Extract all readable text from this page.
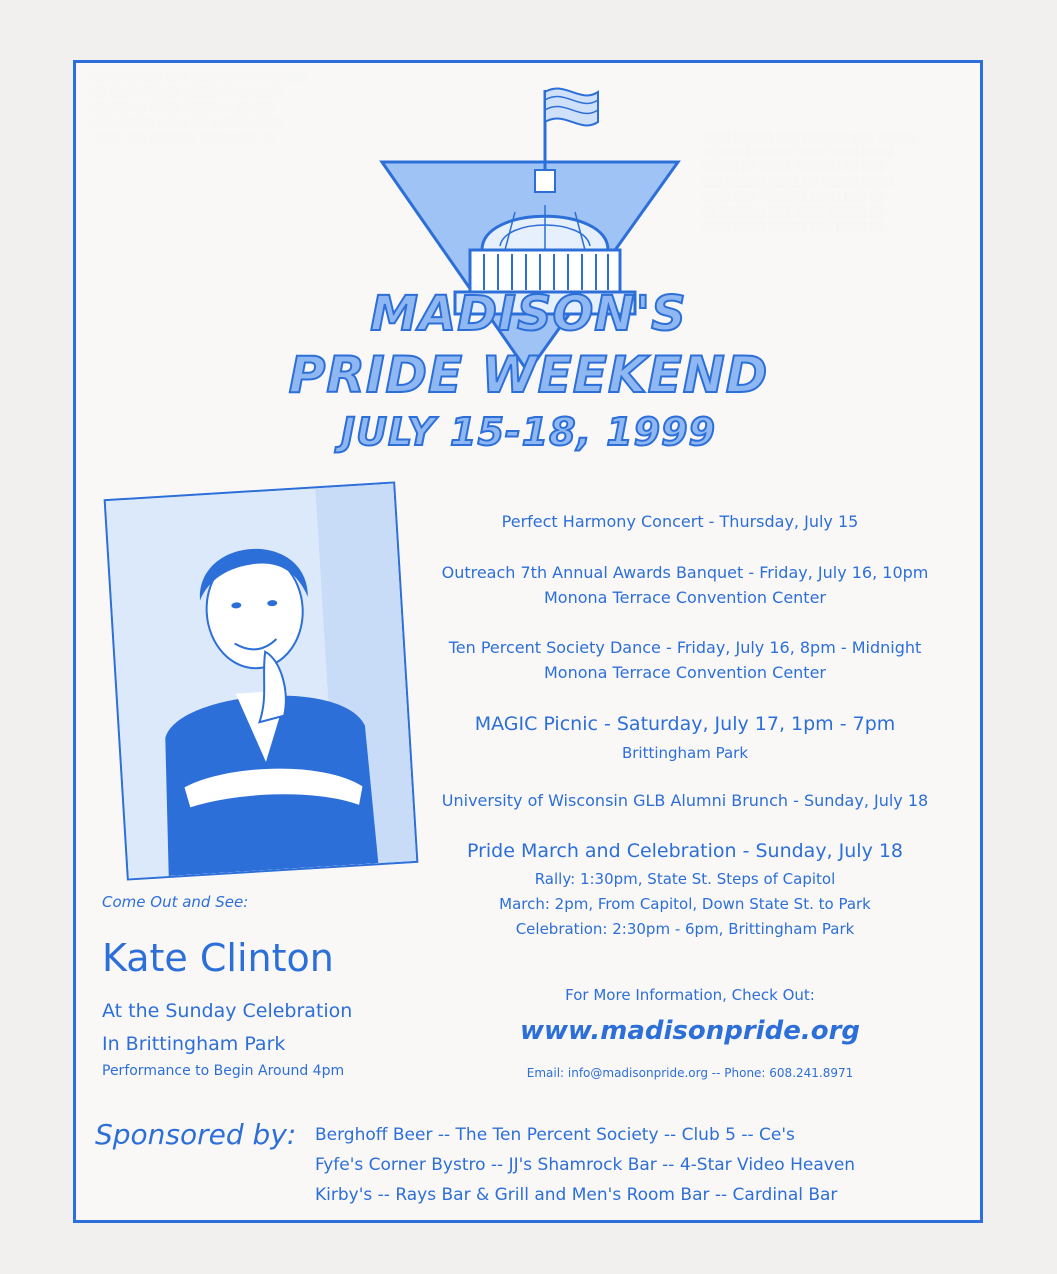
MADISON'S
PRIDE WEEKEND
JULY 15-18, 1999
Perfect Harmony Concert - Thursday, July 15
Outreach 7th Annual Awards Banquet - Friday, July 16, 10pm
Monona Terrace Convention Center
Ten Percent Society Dance - Friday, July 16, 8pm - Midnight
Monona Terrace Convention Center
MAGIC Picnic - Saturday, July 17, 1pm - 7pm
Brittingham Park
University of Wisconsin GLB Alumni Brunch - Sunday, July 18
Pride March and Celebration - Sunday, July 18
Rally: 1:30pm, State St. Steps of Capitol
March: 2pm, From Capitol, Down State St. to Park
Celebration: 2:30pm - 6pm, Brittingham Park
Come Out and See:
Kate Clinton
At the Sunday Celebration
In Brittingham Park
Performance to Begin Around 4pm
For More Information, Check Out:
www.madisonpride.org
Email: info@madisonpride.org -- Phone: 608.241.8971
Sponsored by: Berghoff Beer -- The Ten Percent Society -- Club 5 -- Ce's
Fyfe's Corner Bystro -- JJ's Shamrock Bar -- 4-Star Video Heaven
Kirby's -- Rays Bar & Grill and Men's Room Bar -- Cardinal Bar
